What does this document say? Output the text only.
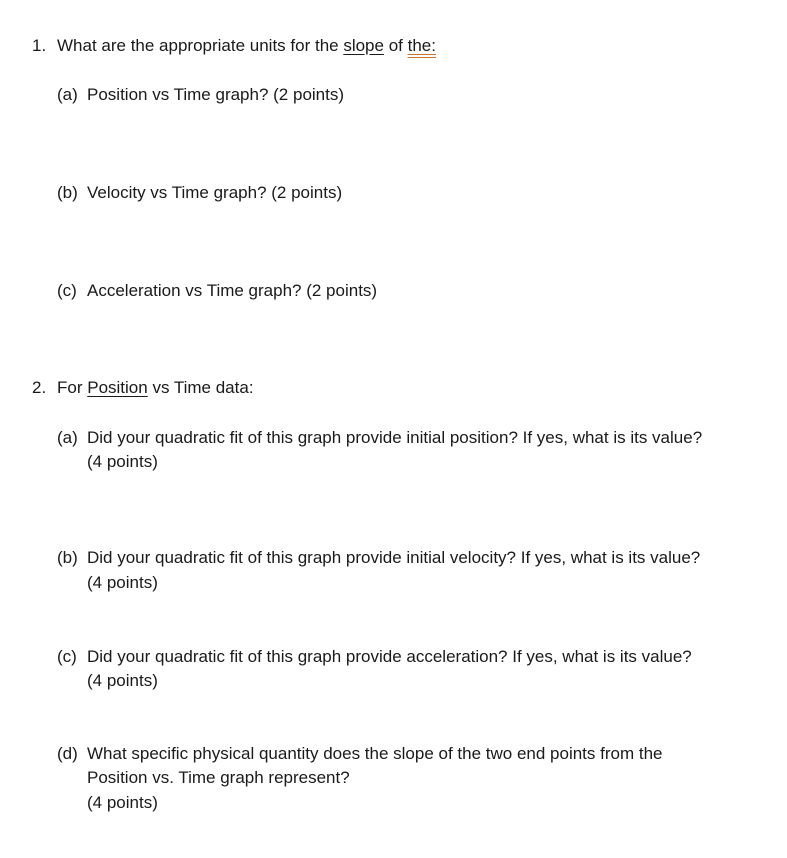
1. What are the appropriate units for the slope of the:
(a) Position vs Time graph? (2 points)
(b) Velocity vs Time graph? (2 points)
(c) Acceleration vs Time graph? (2 points)
2. For Position vs Time data:
(a) Did your quadratic fit of this graph provide initial position? If yes, what is its value?
(4 points)
(b) Did your quadratic fit of this graph provide initial velocity? If yes, what is its value?
(4 points)
(c) Did your quadratic fit of this graph provide acceleration? If yes, what is its value?
(4 points)
(d) What specific physical quantity does the slope of the two end points from the
Position vs. Time graph represent?
(4 points)
